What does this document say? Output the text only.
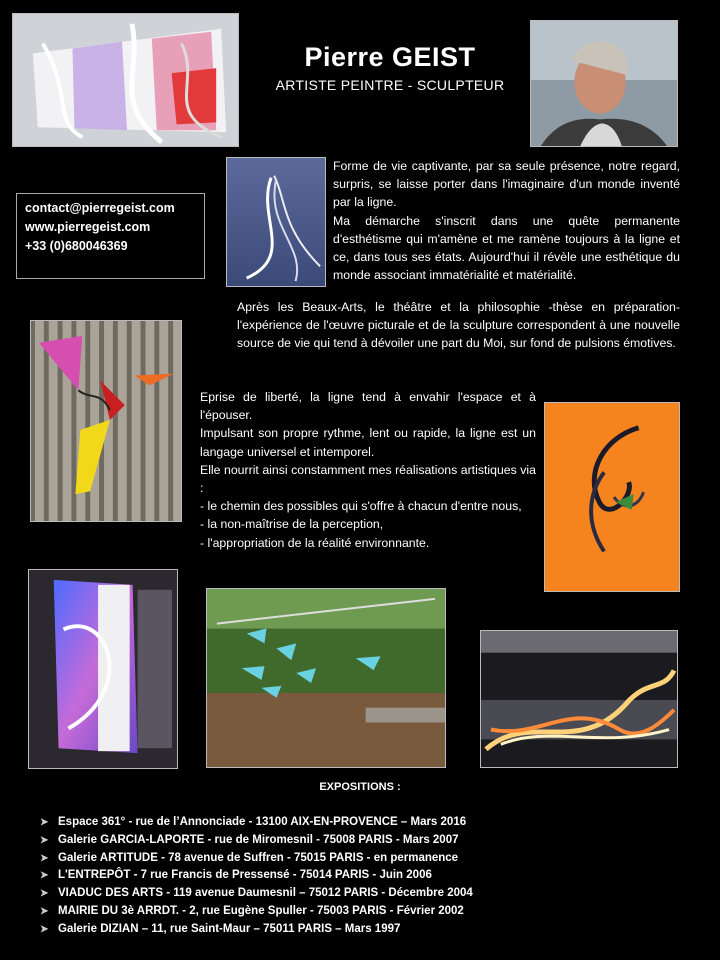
Pierre GEIST
ARTISTE PEINTRE - SCULPTEUR
contact@pierregeist.com
www.pierregeist.com
+33 (0)680046369
Forme de vie captivante, par sa seule présence, notre regard, surpris, se laisse porter dans l'imaginaire d'un monde inventé par la ligne.
Ma démarche s'inscrit dans une quête permanente d'esthétisme qui m'amène et me ramène toujours à la ligne et ce, dans tous ses états. Aujourd'hui il révèle une esthétique du monde associant immatérialité et matérialité.
Après les Beaux-Arts, le théâtre et la philosophie -thèse en préparation- l'expérience de l'œuvre picturale et de la sculpture correspondent à une nouvelle source de vie qui tend à dévoiler une part du Moi, sur fond de pulsions émotives.
Eprise de liberté, la ligne tend à envahir l'espace et à l'épouser.
Impulsant son propre rythme, lent ou rapide, la ligne est un langage universel et intemporel.
Elle nourrit ainsi constamment mes réalisations artistiques via :
- le chemin des possibles qui s'offre à chacun d'entre nous,
- la non-maîtrise de la perception,
- l'appropriation de la réalité environnante.
EXPOSITIONS :
➤ Espace 361° - rue de l’Annonciade - 13100 AIX-EN-PROVENCE – Mars 2016
➤ Galerie GARCIA-LAPORTE - rue de Miromesnil - 75008 PARIS - Mars 2007
➤ Galerie ARTITUDE - 78 avenue de Suffren - 75015 PARIS - en permanence
➤ L'ENTREPÔT - 7 rue Francis de Pressensé - 75014 PARIS - Juin 2006
➤ VIADUC DES ARTS - 119 avenue Daumesnil – 75012 PARIS - Décembre 2004
➤ MAIRIE DU 3è ARRDT. - 2, rue Eugène Spuller - 75003 PARIS - Février 2002
➤ Galerie DIZIAN – 11, rue Saint-Maur – 75011 PARIS – Mars 1997
